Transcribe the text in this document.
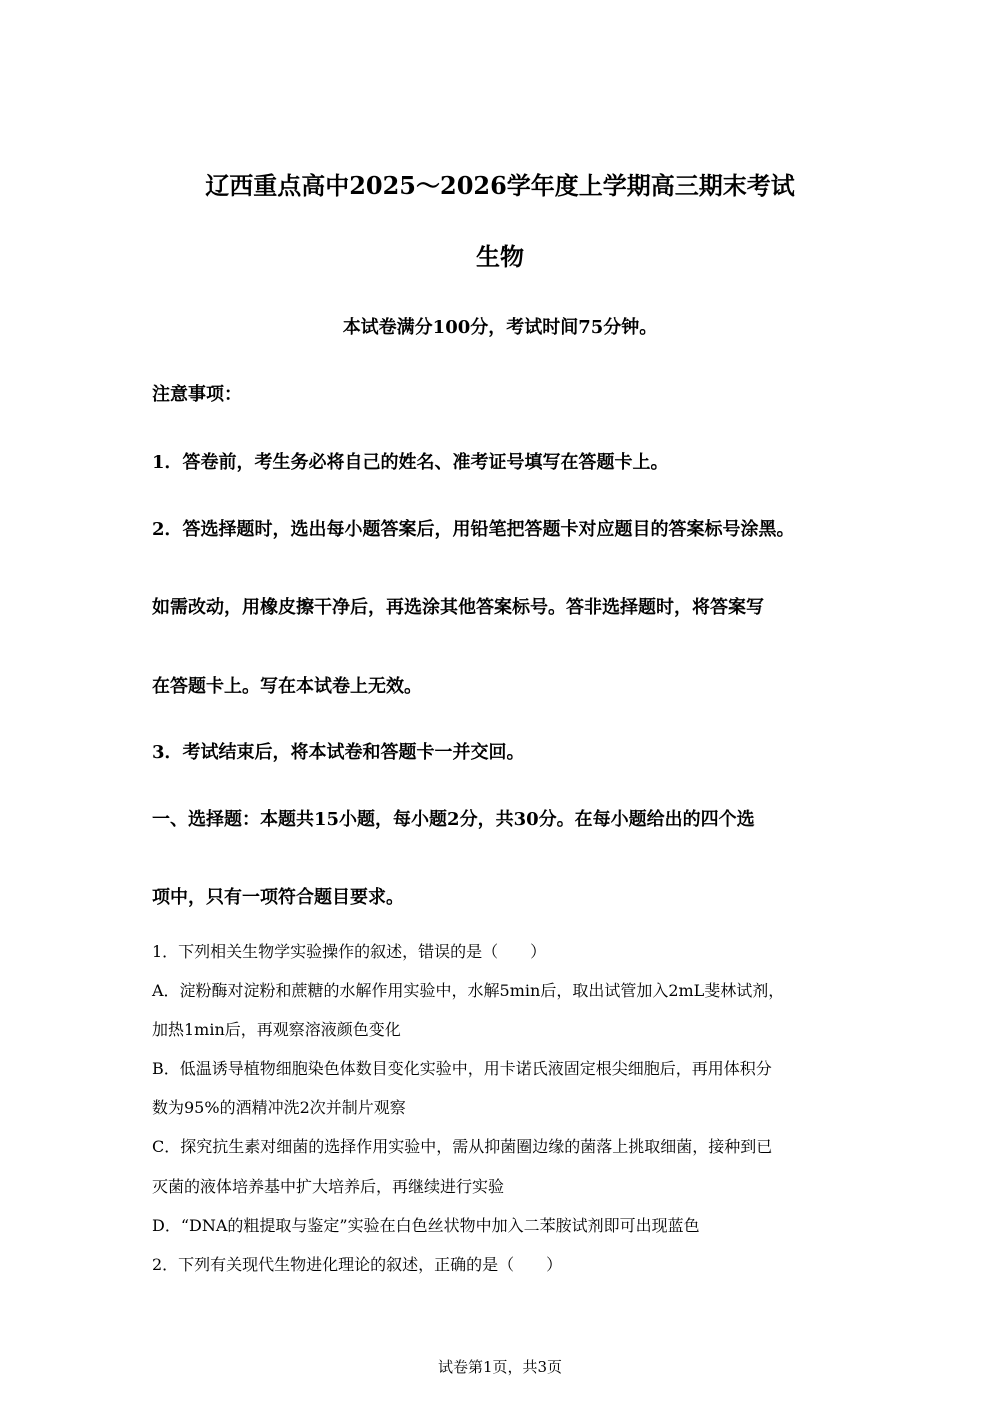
辽西重点高中2025～2026学年度上学期高三期末考试
生物
本试卷满分100分，考试时间75分钟。
注意事项：
1．答卷前，考生务必将自己的姓名、准考证号填写在答题卡上。
2．答选择题时，选出每小题答案后，用铅笔把答题卡对应题目的答案标号涂黑。
如需改动，用橡皮擦干净后，再选涂其他答案标号。答非选择题时，将答案写
在答题卡上。写在本试卷上无效。
3．考试结束后，将本试卷和答题卡一并交回。
一、选择题：本题共15小题，每小题2分，共30分。在每小题给出的四个选
项中，只有一项符合题目要求。
1．下列相关生物学实验操作的叙述，错误的是（　　）
A．淀粉酶对淀粉和蔗糖的水解作用实验中，水解5min后，取出试管加入2mL斐林试剂，
加热1min后，再观察溶液颜色变化
B．低温诱导植物细胞染色体数目变化实验中，用卡诺氏液固定根尖细胞后，再用体积分
数为95%的酒精冲洗2次并制片观察
C．探究抗生素对细菌的选择作用实验中，需从抑菌圈边缘的菌落上挑取细菌，接种到已
灭菌的液体培养基中扩大培养后，再继续进行实验
D．“DNA的粗提取与鉴定”实验在白色丝状物中加入二苯胺试剂即可出现蓝色
2．下列有关现代生物进化理论的叙述，正确的是（　　）
试卷第1页，共3页
